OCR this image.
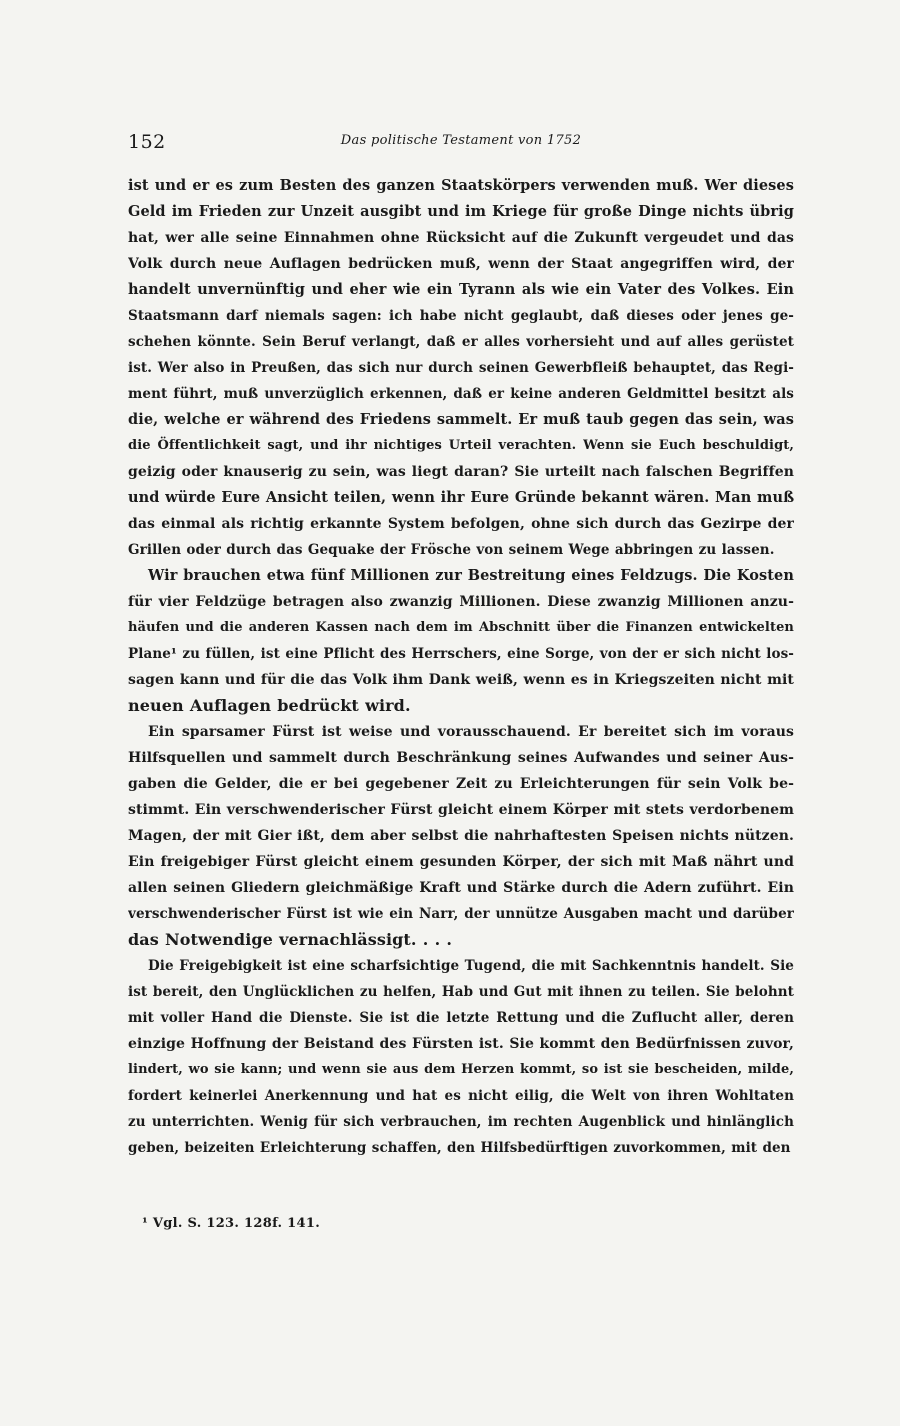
152	Das politische Testament von 1752
ist und er es zum Besten des ganzen Staatskörpers verwenden muß. Wer dieses
Geld im Frieden zur Unzeit ausgibt und im Kriege für große Dinge nichts übrig
hat, wer alle seine Einnahmen ohne Rücksicht auf die Zukunft vergeudet und das
Volk durch neue Auflagen bedrücken muß, wenn der Staat angegriffen wird, der
handelt unvernünftig und eher wie ein Tyrann als wie ein Vater des Volkes. Ein
Staatsmann darf niemals sagen: ich habe nicht geglaubt, daß dieses oder jenes ge-
schehen könnte. Sein Beruf verlangt, daß er alles vorhersieht und auf alles gerüstet
ist. Wer also in Preußen, das sich nur durch seinen Gewerbfleiß behauptet, das Regi-
ment führt, muß unverzüglich erkennen, daß er keine anderen Geldmittel besitzt als
die, welche er während des Friedens sammelt. Er muß taub gegen das sein, was
die Öffentlichkeit sagt, und ihr nichtiges Urteil verachten. Wenn sie Euch beschuldigt,
geizig oder knauserig zu sein, was liegt daran? Sie urteilt nach falschen Begriffen
und würde Eure Ansicht teilen, wenn ihr Eure Gründe bekannt wären. Man muß
das einmal als richtig erkannte System befolgen, ohne sich durch das Gezirpe der
Grillen oder durch das Gequake der Frösche von seinem Wege abbringen zu lassen.
Wir brauchen etwa fünf Millionen zur Bestreitung eines Feldzugs. Die Kosten
für vier Feldzüge betragen also zwanzig Millionen. Diese zwanzig Millionen anzu-
häufen und die anderen Kassen nach dem im Abschnitt über die Finanzen entwickelten
Plane¹ zu füllen, ist eine Pflicht des Herrschers, eine Sorge, von der er sich nicht los-
sagen kann und für die das Volk ihm Dank weiß, wenn es in Kriegszeiten nicht mit
neuen Auflagen bedrückt wird.
Ein sparsamer Fürst ist weise und vorausschauend. Er bereitet sich im voraus
Hilfsquellen und sammelt durch Beschränkung seines Aufwandes und seiner Aus-
gaben die Gelder, die er bei gegebener Zeit zu Erleichterungen für sein Volk be-
stimmt. Ein verschwenderischer Fürst gleicht einem Körper mit stets verdorbenem
Magen, der mit Gier ißt, dem aber selbst die nahrhaftesten Speisen nichts nützen.
Ein freigebiger Fürst gleicht einem gesunden Körper, der sich mit Maß nährt und
allen seinen Gliedern gleichmäßige Kraft und Stärke durch die Adern zuführt. Ein
verschwenderischer Fürst ist wie ein Narr, der unnütze Ausgaben macht und darüber
das Notwendige vernachlässigt. . . .
Die Freigebigkeit ist eine scharfsichtige Tugend, die mit Sachkenntnis handelt. Sie
ist bereit, den Unglücklichen zu helfen, Hab und Gut mit ihnen zu teilen. Sie belohnt
mit voller Hand die Dienste. Sie ist die letzte Rettung und die Zuflucht aller, deren
einzige Hoffnung der Beistand des Fürsten ist. Sie kommt den Bedürfnissen zuvor,
lindert, wo sie kann; und wenn sie aus dem Herzen kommt, so ist sie bescheiden, milde,
fordert keinerlei Anerkennung und hat es nicht eilig, die Welt von ihren Wohltaten
zu unterrichten. Wenig für sich verbrauchen, im rechten Augenblick und hinlänglich
geben, beizeiten Erleichterung schaffen, den Hilfsbedürftigen zuvorkommen, mit den
¹ Vgl. S. 123. 128f. 141.
